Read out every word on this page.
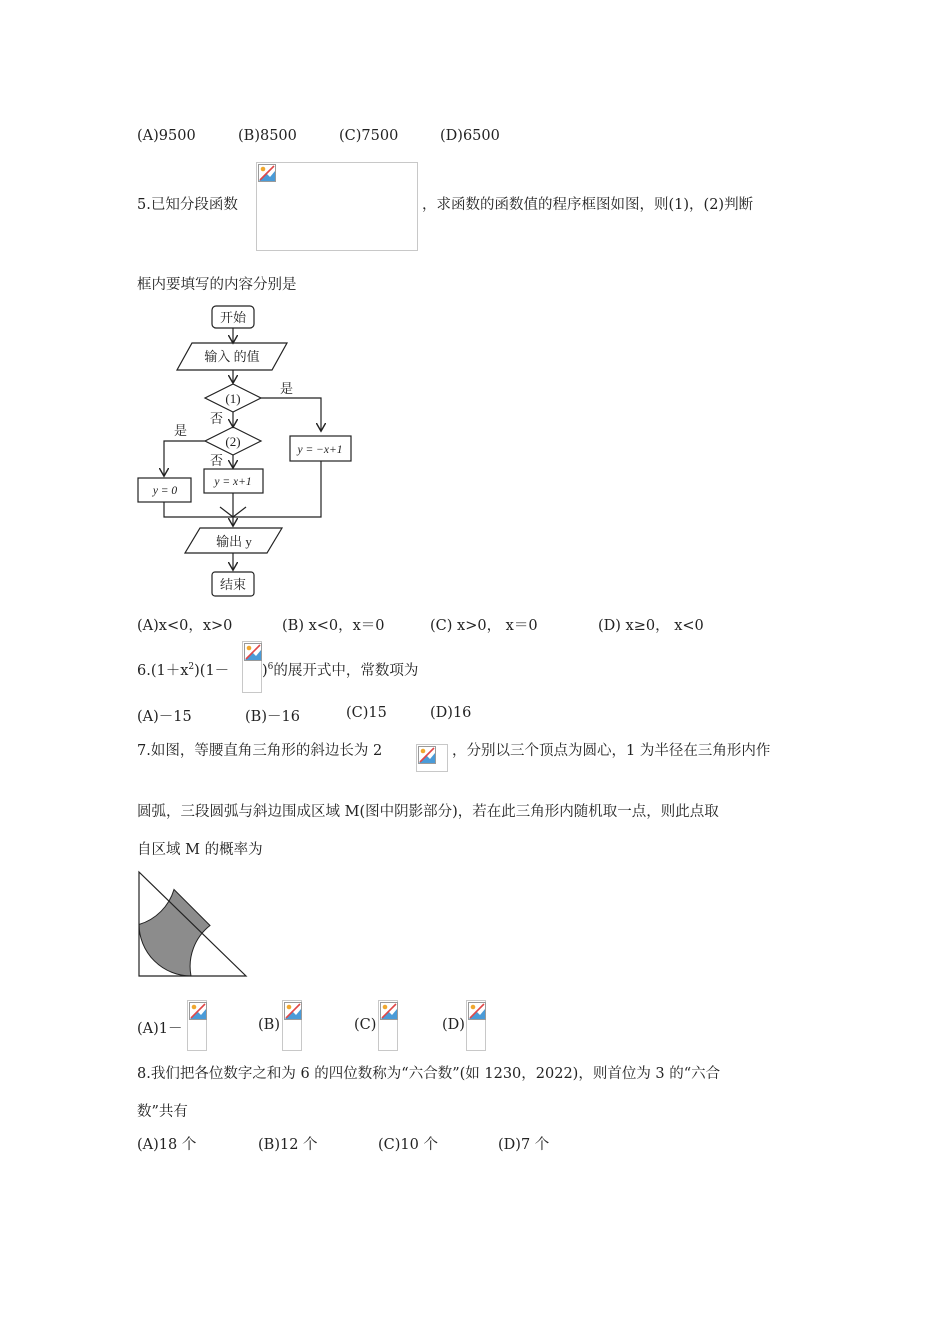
(A)9500	(B)8500	(C)7500	(D)6500
5.已知分段函数	，求函数的函数值的程序框图如图，则(1)，(2)判断
框内要填写的内容分别是
开始
输入 的值
(1)
(2)
是
否
是
否
y = −x+1
y = x+1
y = 0
输出 y
结束
(A)x<0，x>0	(B) x<0，x＝0	(C) x>0， x＝0	(D) x≥0， x<0
$6.(1+x^2)(1- )^6$的展开式中，常数项为
(A)－15	(B)－16	(C)15	(D)16
7.如图，等腰直角三角形的斜边长为 2	，分别以三个顶点为圆心，1 为半径在三角形内作
圆弧，三段圆弧与斜边围成区域 M(图中阴影部分)，若在此三角形内随机取一点，则此点取
自区域 M 的概率为
(A)1－	(B)	(C)	(D)
8.我们把各位数字之和为 6 的四位数称为“六合数”(如 1230，2022)，则首位为 3 的“六合
数”共有
(A)18 个	(B)12 个	(C)10 个	(D)7 个
